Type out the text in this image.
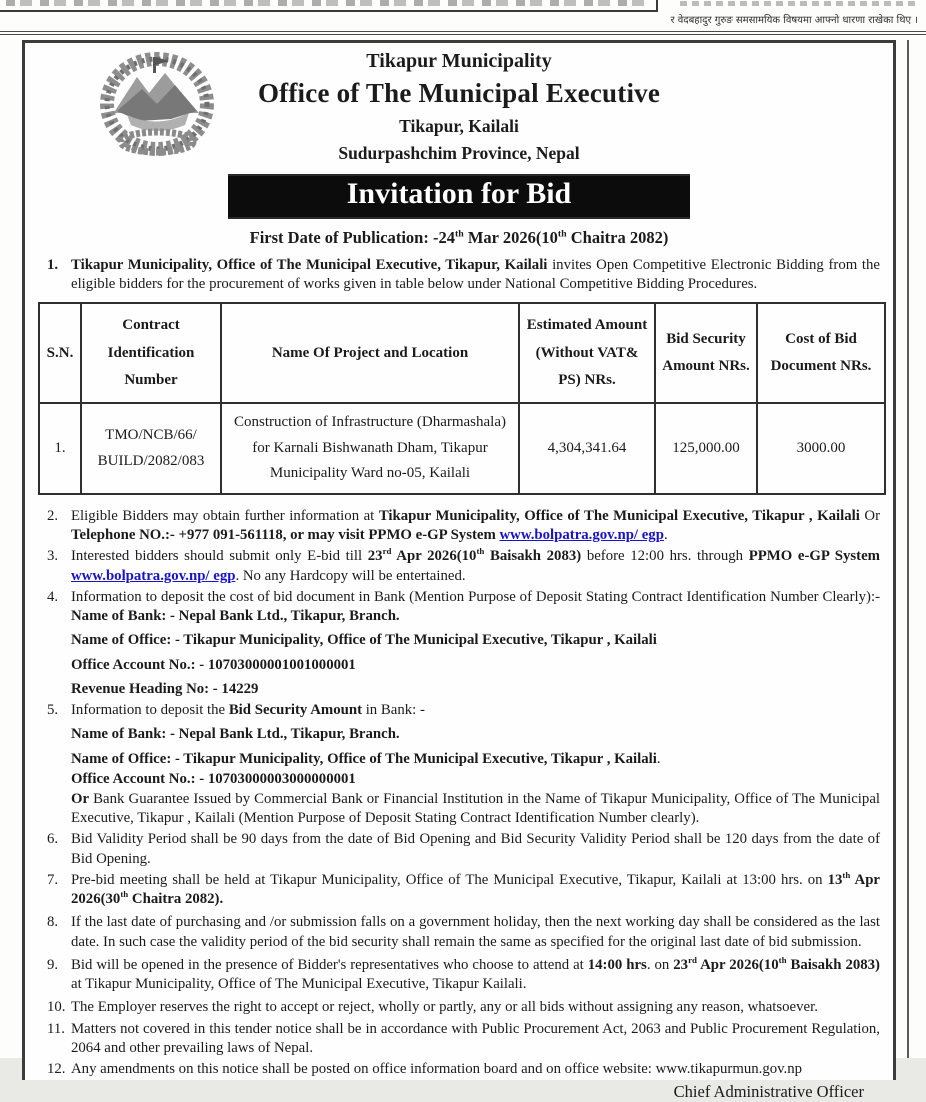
र वेदबहादुर गुरुङ समसामयिक विषयमा आफ्नो धारणा राखेका थिए ।
Tikapur Municipality
Office of The Municipal Executive
Tikapur, Kailali
Sudurpashchim Province, Nepal
Invitation for Bid

First Date of Publication: -24th Mar 2026(10th Chaitra 2082)

1. Tikapur Municipality, Office of The Municipal Executive, Tikapur, Kailali invites Open Competitive Electronic Bidding from the eligible bidders for the procurement of works given in table below under National Competitive Bidding Procedures.

S.N.	Contract Identification Number	Name Of Project and Location	Estimated Amount (Without VAT& PS) NRs.	Bid Security Amount NRs.	Cost of Bid Document NRs.
1.	TMO/NCB/66/ BUILD/2082/083	Construction of Infrastructure (Dharmashala) for Karnali Bishwanath Dham, Tikapur Municipality Ward no-05, Kailali	4,304,341.64	125,000.00	3000.00
2. Eligible Bidders may obtain further information at Tikapur Municipality, Office of The Municipal Executive, Tikapur , Kailali Or Telephone NO.:- +977 091-561118, or may visit PPMO e-GP System www.bolpatra.gov.np/ egp.

3. Interested bidders should submit only E-bid till 23rd Apr 2026(10th Baisakh 2083) before 12:00 hrs. through PPMO e-GP System www.bolpatra.gov.np/ egp. No any Hardcopy will be entertained.

4. Information to deposit the cost of bid document in Bank (Mention Purpose of Deposit Stating Contract Identification Number Clearly):- Name of Bank: - Nepal Bank Ltd., Tikapur, Branch.

Name of Office: - Tikapur Municipality, Office of The Municipal Executive, Tikapur , Kailali

Office Account No.: - 10703000001001000001

Revenue Heading No: - 14229

5. Information to deposit the Bid Security Amount in Bank: -

Name of Bank: - Nepal Bank Ltd., Tikapur, Branch.

Name of Office: - Tikapur Municipality, Office of The Municipal Executive, Tikapur , Kailali.

Office Account No.: - 10703000003000000001

Or Bank Guarantee Issued by Commercial Bank or Financial Institution in the Name of Tikapur Municipality, Office of The Municipal Executive, Tikapur , Kailali (Mention Purpose of Deposit Stating Contract Identification Number clearly).

6. Bid Validity Period shall be 90 days from the date of Bid Opening and Bid Security Validity Period shall be 120 days from the date of Bid Opening.

7. Pre-bid meeting shall be held at Tikapur Municipality, Office of The Municipal Executive, Tikapur, Kailali at 13:00 hrs. on 13th Apr 2026(30th Chaitra 2082).

8. If the last date of purchasing and /or submission falls on a government holiday, then the next working day shall be considered as the last date. In such case the validity period of the bid security shall remain the same as specified for the original last date of bid submission.

9. Bid will be opened in the presence of Bidder's representatives who choose to attend at 14:00 hrs. on 23rd Apr 2026(10th Baisakh 2083) at Tikapur Municipality, Office of The Municipal Executive, Tikapur Kailali.

10. The Employer reserves the right to accept or reject, wholly or partly, any or all bids without assigning any reason, whatsoever.

11. Matters not covered in this tender notice shall be in accordance with Public Procurement Act, 2063 and Public Procurement Regulation, 2064 and other prevailing laws of Nepal.

12. Any amendments on this notice shall be posted on office information board and on office website: www.tikapurmun.gov.np

Chief Administrative Officer
